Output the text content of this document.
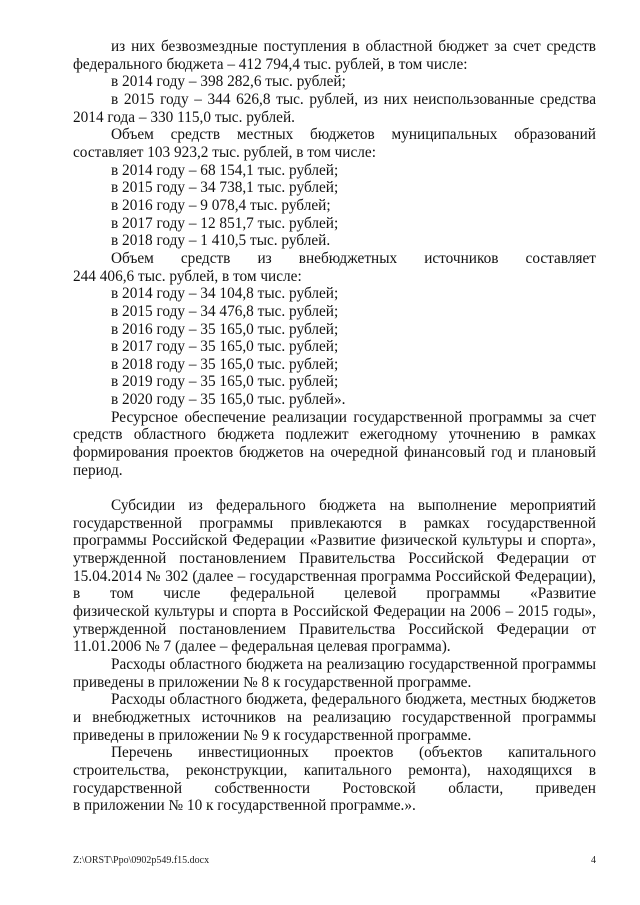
из них безвозмездные поступления в областной бюджет за счет средств федерального бюджета – 412 794,4 тыс. рублей, в том числе:

в 2014 году – 398 282,6 тыс. рублей;

в 2015 году – 344 626,8 тыс. рублей, из них неиспользованные средства 2014 года – 330 115,0 тыс. рублей.

Объем средств местных бюджетов муниципальных образований составляет 103 923,2 тыс. рублей, в том числе:

в 2014 году – 68 154,1 тыс. рублей;

в 2015 году – 34 738,1 тыс. рублей;

в 2016 году – 9 078,4 тыс. рублей;

в 2017 году – 12 851,7 тыс. рублей;

в 2018 году – 1 410,5 тыс. рублей.

Объем средств из внебюджетных источников составляет

244 406,6 тыс. рублей, в том числе:

в 2014 году – 34 104,8 тыс. рублей;

в 2015 году – 34 476,8 тыс. рублей;

в 2016 году – 35 165,0 тыс. рублей;

в 2017 году – 35 165,0 тыс. рублей;

в 2018 году – 35 165,0 тыс. рублей;

в 2019 году – 35 165,0 тыс. рублей;

в 2020 году – 35 165,0 тыс. рублей».

Ресурсное обеспечение реализации государственной программы за счет средств областного бюджета подлежит ежегодному уточнению в рамках формирования проектов бюджетов на очередной финансовый год и плановый период.

Субсидии из федерального бюджета на выполнение мероприятий государственной программы привлекаются в рамках государственной программы Российской Федерации «Развитие физической культуры и спорта», утвержденной постановлением Правительства Российской Федерации от 15.04.2014 № 302 (далее – государственная программа Российской Федерации), в том числе федеральной целевой программы «Развитие

физической культуры и спорта в Российской Федерации на 2006 – 2015 годы», утвержденной постановлением Правительства Российской Федерации от 11.01.2006 № 7 (далее – федеральная целевая программа).

Расходы областного бюджета на реализацию государственной программы приведены в приложении № 8 к государственной программе.

Расходы областного бюджета, федерального бюджета, местных бюджетов и внебюджетных источников на реализацию государственной программы приведены в приложении № 9 к государственной программе.

Перечень инвестиционных проектов (объектов капитального строительства, реконструкции, капитального ремонта), находящихся в государственной собственности Ростовской области, приведен

в приложении № 10 к государственной программе.».

Z:\ORST\Ppo\0902p549.f15.docx	4
